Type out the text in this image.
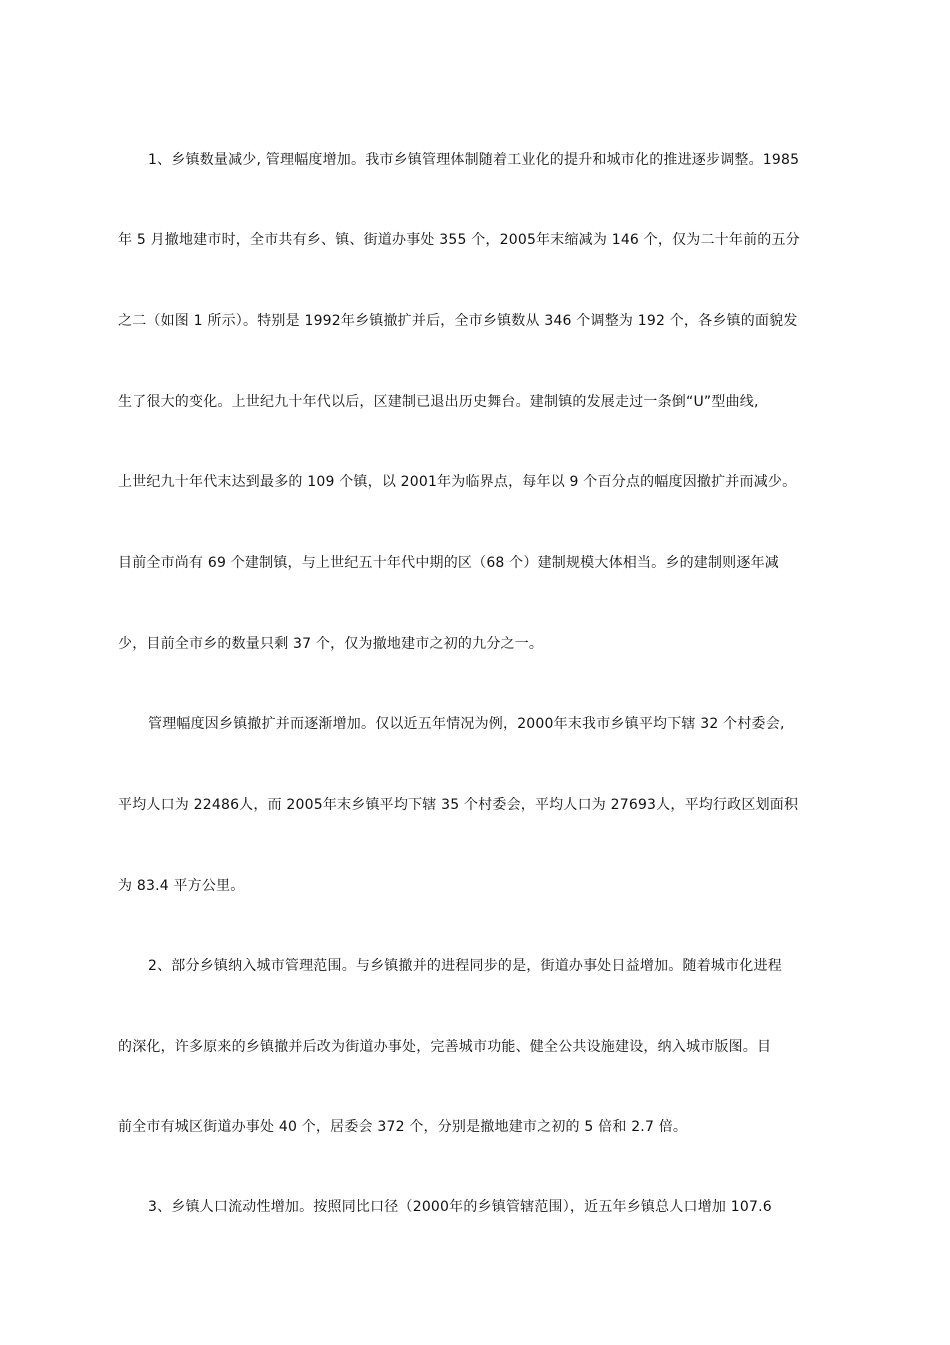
1、乡镇数量减少, 管理幅度增加。我市乡镇管理体制随着工业化的提升和城市化的推进逐步调整。1985
年 5 月撤地建市时，全市共有乡、镇、街道办事处 355 个，2005年末缩减为 146 个，仅为二十年前的五分
之二（如图 1 所示）。特别是 1992年乡镇撤扩并后，全市乡镇数从 346 个调整为 192 个，各乡镇的面貌发
生了很大的变化。上世纪九十年代以后，区建制已退出历史舞台。建制镇的发展走过一条倒“U”型曲线,
上世纪九十年代末达到最多的 109 个镇，以 2001年为临界点，每年以 9 个百分点的幅度因撤扩并而减少。
目前全市尚有 69 个建制镇，与上世纪五十年代中期的区（68 个）建制规模大体相当。乡的建制则逐年减
少，目前全市乡的数量只剩 37 个，仅为撤地建市之初的九分之一。
管理幅度因乡镇撤扩并而逐渐增加。仅以近五年情况为例，2000年末我市乡镇平均下辖 32 个村委会,
平均人口为 22486人，而 2005年末乡镇平均下辖 35 个村委会，平均人口为 27693人，平均行政区划面积
为 83.4 平方公里。
2、部分乡镇纳入城市管理范围。与乡镇撤并的进程同步的是，街道办事处日益增加。随着城市化进程
的深化，许多原来的乡镇撤并后改为街道办事处，完善城市功能、健全公共设施建设，纳入城市版图。目
前全市有城区街道办事处 40 个，居委会 372 个，分别是撤地建市之初的 5 倍和 2.7 倍。
3、乡镇人口流动性增加。按照同比口径（2000年的乡镇管辖范围），近五年乡镇总人口增加 107.6
